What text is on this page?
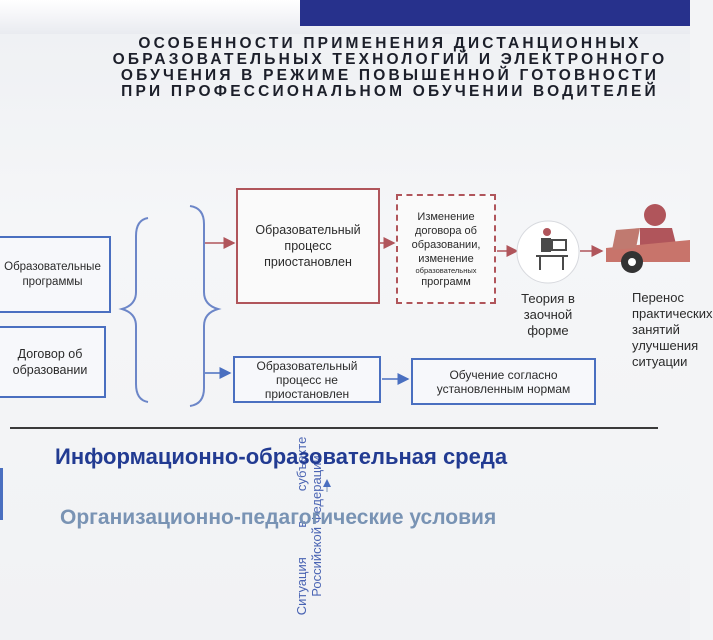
ОСОБЕННОСТИ ПРИМЕНЕНИЯ ДИСТАНЦИОННЫХ
ОБРАЗОВАТЕЛЬНЫХ ТЕХНОЛОГИЙ И ЭЛЕКТРОННОГО
ОБУЧЕНИЯ В РЕЖИМЕ ПОВЫШЕННОЙ ГОТОВНОСТИ
ПРИ ПРОФЕССИОНАЛЬНОМ ОБУЧЕНИИ ВОДИТЕЛЕЙ
Образовательные программы
Договор об образовании
Ситуация в субъекте Российской Федерации
Образовательный процесс приостановлен
Изменение договора об образовании, изменение
образовательных
программ
Теория в заочной форме
Перенос практических занятий улучшения ситуации
Образовательный процесс не приостановлен
Обучение согласно установленным нормам
Информационно-образовательная среда
Организационно-педагогические условия
